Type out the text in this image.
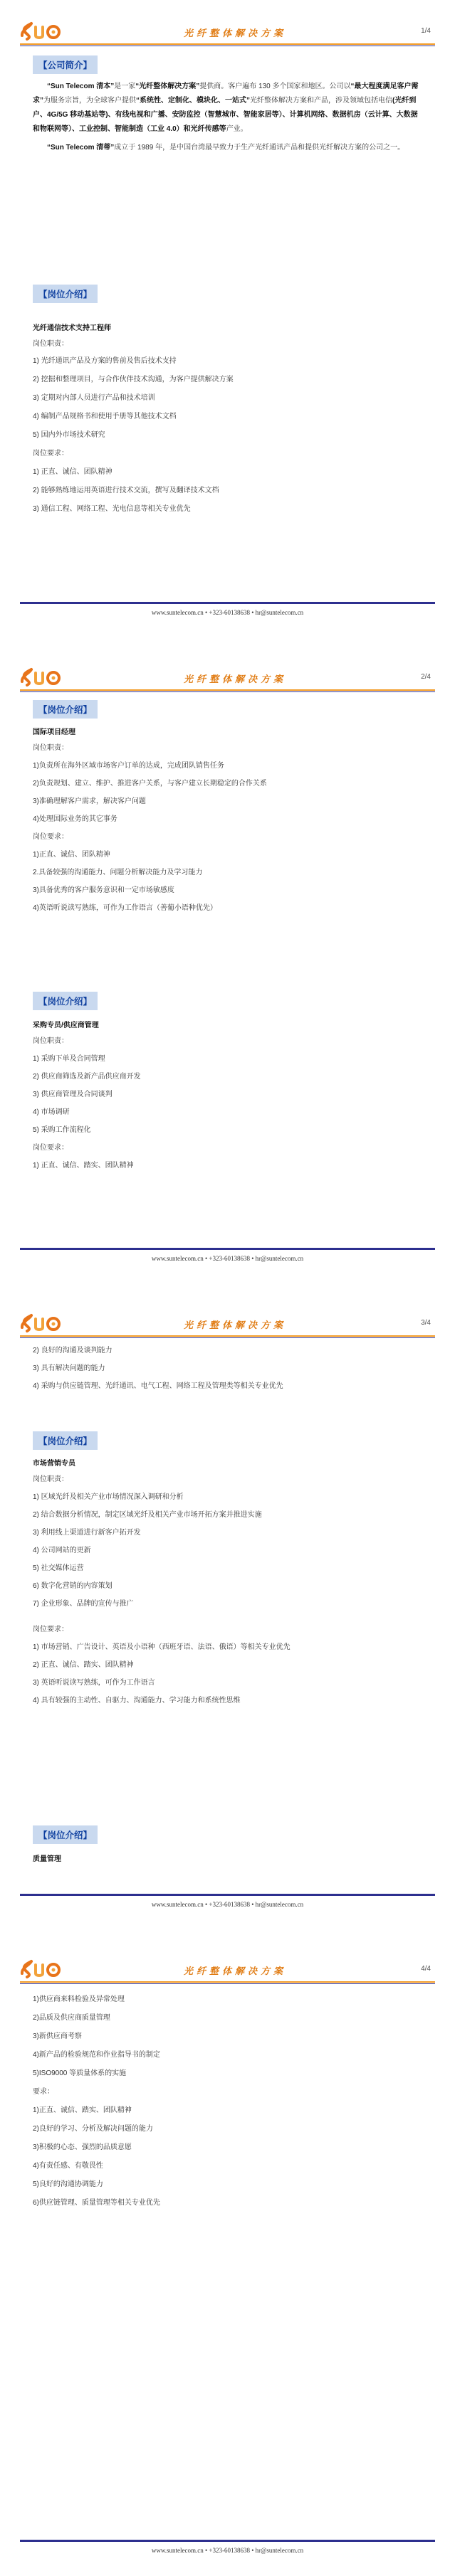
光纤整体解决方案	1/4
【公司简介】
“Sun Telecom 清本”是一家“光纤整体解决方案”提供商。客户遍布 130 多个国家和地区。公司以“最大程度满足客户需求”为服务宗旨，为全球客户提供“系统性、定制化、模块化、一站式”光纤整体解决方案和产品，涉及领域包括电信(光纤到户、4G/5G 移动基站等)、有线电视和广播、安防监控（智慧城市、智能家居等）、计算机网络、数据机房（云计算、大数据和物联网等）、工业控制、智能制造（工业 4.0）和光纤传感等产业。
“Sun Telecom 清蒂”成立于 1989 年，是中国台湾最早致力于生产光纤通讯产品和提供光纤解决方案的公司之一。
【岗位介绍】
光纤通信技术支持工程师
岗位职责：
1) 光纤通讯产品及方案的售前及售后技术支持
2) 挖掘和整理项目，与合作伙伴技术沟通，为客户提供解决方案
3) 定期对内部人员进行产品和技术培训
4) 编制产品规格书和使用手册等其他技术文档
5) 国内外市场技术研究
岗位要求：
1) 正直、诚信、团队精神
2) 能够熟练地运用英语进行技术交流，撰写及翻译技术文档
3) 通信工程、网络工程、光电信息等相关专业优先
www.suntelecom.cn • +323-60138638 • hr@suntelecom.cn
光纤整体解决方案	2/4
【岗位介绍】
国际项目经理
岗位职责：
1)负责所在海外区域市场客户订单的达成，完成团队销售任务
2)负责规划、建立、维护、推进客户关系，与客户建立长期稳定的合作关系
3)准确理解客户需求，解决客户问题
4)处理国际业务的其它事务
岗位要求：
1)正直、诚信、团队精神
2.具备较强的沟通能力、问题分析解决能力及学习能力
3)具备优秀的客户服务意识和一定市场敏感度
4)英语听说读写熟练，可作为工作语言（善葡小语种优先）
【岗位介绍】
采购专员/供应商管理
岗位职责：
1) 采购下单及合同管理
2) 供应商筛选及新产品供应商开发
3) 供应商管理及合同谈判
4) 市场调研
5) 采购工作流程化
岗位要求：
1) 正直、诚信、踏实、团队精神
www.suntelecom.cn • +323-60138638 • hr@suntelecom.cn
光纤整体解决方案	3/4
2) 良好的沟通及谈判能力
3) 具有解决问题的能力
4) 采购与供应链管理、光纤通讯、电气工程、网络工程及管理类等相关专业优先
【岗位介绍】
市场营销专员
岗位职责：
1) 区域光纤及相关产业市场情况深入调研和分析
2) 结合数据分析情况，制定区域光纤及相关产业市场开拓方案并推进实施
3) 利用线上渠道进行新客户拓开发
4) 公司网站的更新
5) 社交媒体运营
6) 数字化营销的内容策划
7) 企业形象、品牌的宣传与推广
岗位要求：
1) 市场营销、广告设计、英语及小语种（西班牙语、法语、俄语）等相关专业优先
2) 正直、诚信、踏实、团队精神
3) 英语听说读写熟练，可作为工作语言
4) 具有较强的主动性、自驱力、沟通能力、学习能力和系统性思维
【岗位介绍】
质量管理
www.suntelecom.cn • +323-60138638 • hr@suntelecom.cn
光纤整体解决方案	4/4
1)供应商来料检验及异常处理
2)品质及供应商质量管理
3)新供应商考察
4)新产品的检验规范和作业指导书的制定
5)ISO9000 等质量体系的实施
要求：
1)正直、诚信、踏实、团队精神
2)良好的学习、分析及解决问题的能力
3)积极的心态、强烈的品质意愿
4)有责任感、有敬畏性
5)良好的沟通协调能力
6)供应链管理、质量管理等相关专业优先
www.suntelecom.cn • +323-60138638 • hr@suntelecom.cn
